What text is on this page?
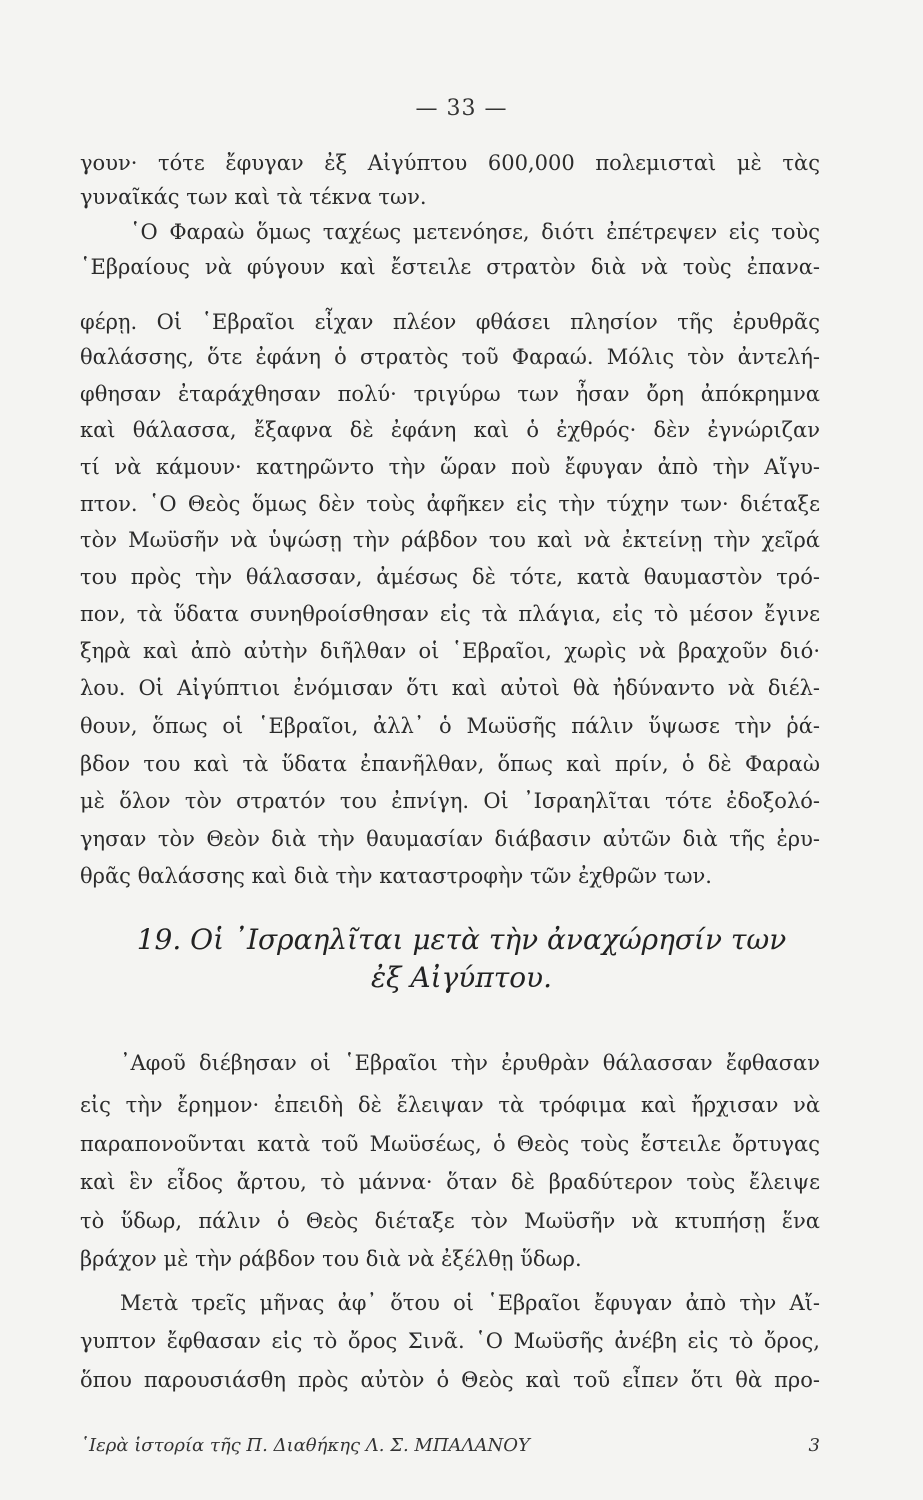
— 33 —
γουν· τότε ἔφυγαν ἐξ Αἰγύπτου 600,000 πολεμισταὶ μὲ τὰς
γυναῖκάς των καὶ τὰ τέκνα των.
῾Ο Φαραὼ ὅμως ταχέως μετενόησε, διότι ἐπέτρεψεν εἰς τοὺς
῾Εβραίους νὰ φύγουν καὶ ἔστειλε στρατὸν διὰ νὰ τοὺς ἐπανα-
φέρῃ. Οἱ ῾Εβραῖοι εἶχαν πλέον φθάσει πλησίον τῆς ἐρυθρᾶς
θαλάσσης, ὅτε ἐφάνη ὁ στρατὸς τοῦ Φαραώ. Μόλις τὸν ἀντελή-
φθησαν ἐταράχθησαν πολύ· τριγύρω των ἦσαν ὄρη ἀπόκρημνα
καὶ θάλασσα, ἔξαφνα δὲ ἐφάνη καὶ ὁ ἐχθρός· δὲν ἐγνώριζαν
τί νὰ κάμουν· κατηρῶντο τὴν ὥραν ποὺ ἔφυγαν ἀπὸ τὴν Αἴγυ-
πτον. ῾Ο Θεὸς ὅμως δὲν τοὺς ἀφῆκεν εἰς τὴν τύχην των· διέταξε
τὸν Μωϋσῆν νὰ ὑψώσῃ τὴν ράβδον του καὶ νὰ ἐκτείνῃ τὴν χεῖρά
του πρὸς τὴν θάλασσαν, ἀμέσως δὲ τότε, κατὰ θαυμαστὸν τρό-
πον, τὰ ὕδατα συνηθροίσθησαν εἰς τὰ πλάγια, εἰς τὸ μέσον ἔγινε
ξηρὰ καὶ ἀπὸ αὐτὴν διῆλθαν οἱ ῾Εβραῖοι, χωρὶς νὰ βραχοῦν διό·
λου. Οἱ Αἰγύπτιοι ἐνόμισαν ὅτι καὶ αὐτοὶ θὰ ἠδύναντο νὰ διέλ-
θουν, ὅπως οἱ ῾Εβραῖοι, ἀλλ᾽ ὁ Μωϋσῆς πάλιν ὕψωσε τὴν ῥά-
βδον του καὶ τὰ ὕδατα ἐπανῆλθαν, ὅπως καὶ πρίν, ὁ δὲ Φαραὼ
μὲ ὅλον τὸν στρατόν του ἐπνίγη. Οἱ ᾿Ισραηλῖται τότε ἐδοξολό-
γησαν τὸν Θεὸν διὰ τὴν θαυμασίαν διάβασιν αὐτῶν διὰ τῆς ἐρυ-
θρᾶς θαλάσσης καὶ διὰ τὴν καταστροφὴν τῶν ἐχθρῶν των.
19. Οἱ ᾿Ισραηλῖται μετὰ τὴν ἀναχώρησίν των
ἐξ Αἰγύπτου.
᾿Αφοῦ διέβησαν οἱ ῾Εβραῖοι τὴν ἐρυθρὰν θάλασσαν ἔφθασαν
εἰς τὴν ἔρημον· ἐπειδὴ δὲ ἔλειψαν τὰ τρόφιμα καὶ ἤρχισαν νὰ
παραπονοῦνται κατὰ τοῦ Μωϋσέως, ὁ Θεὸς τοὺς ἔστειλε ὄρτυγας
καὶ ἓν εἶδος ἄρτου, τὸ μάννα· ὅταν δὲ βραδύτερον τοὺς ἔλειψε
τὸ ὕδωρ, πάλιν ὁ Θεὸς διέταξε τὸν Μωϋσῆν νὰ κτυπήσῃ ἕνα
βράχον μὲ τὴν ράβδον του διὰ νὰ ἐξέλθῃ ὕδωρ.
Μετὰ τρεῖς μῆνας ἀφ᾽ ὅτου οἱ ῾Εβραῖοι ἔφυγαν ἀπὸ τὴν Αἴ-
γυπτον ἔφθασαν εἰς τὸ ὄρος Σινᾶ. ῾Ο Μωϋσῆς ἀνέβη εἰς τὸ ὄρος,
ὅπου παρουσιάσθη πρὸς αὐτὸν ὁ Θεὸς καὶ τοῦ εἶπεν ὅτι θὰ προ-
῾Ιερὰ ἱστορία τῆς Π. Διαθήκης Λ. Σ. ΜΠΑΛΑΝΟΥ	3
